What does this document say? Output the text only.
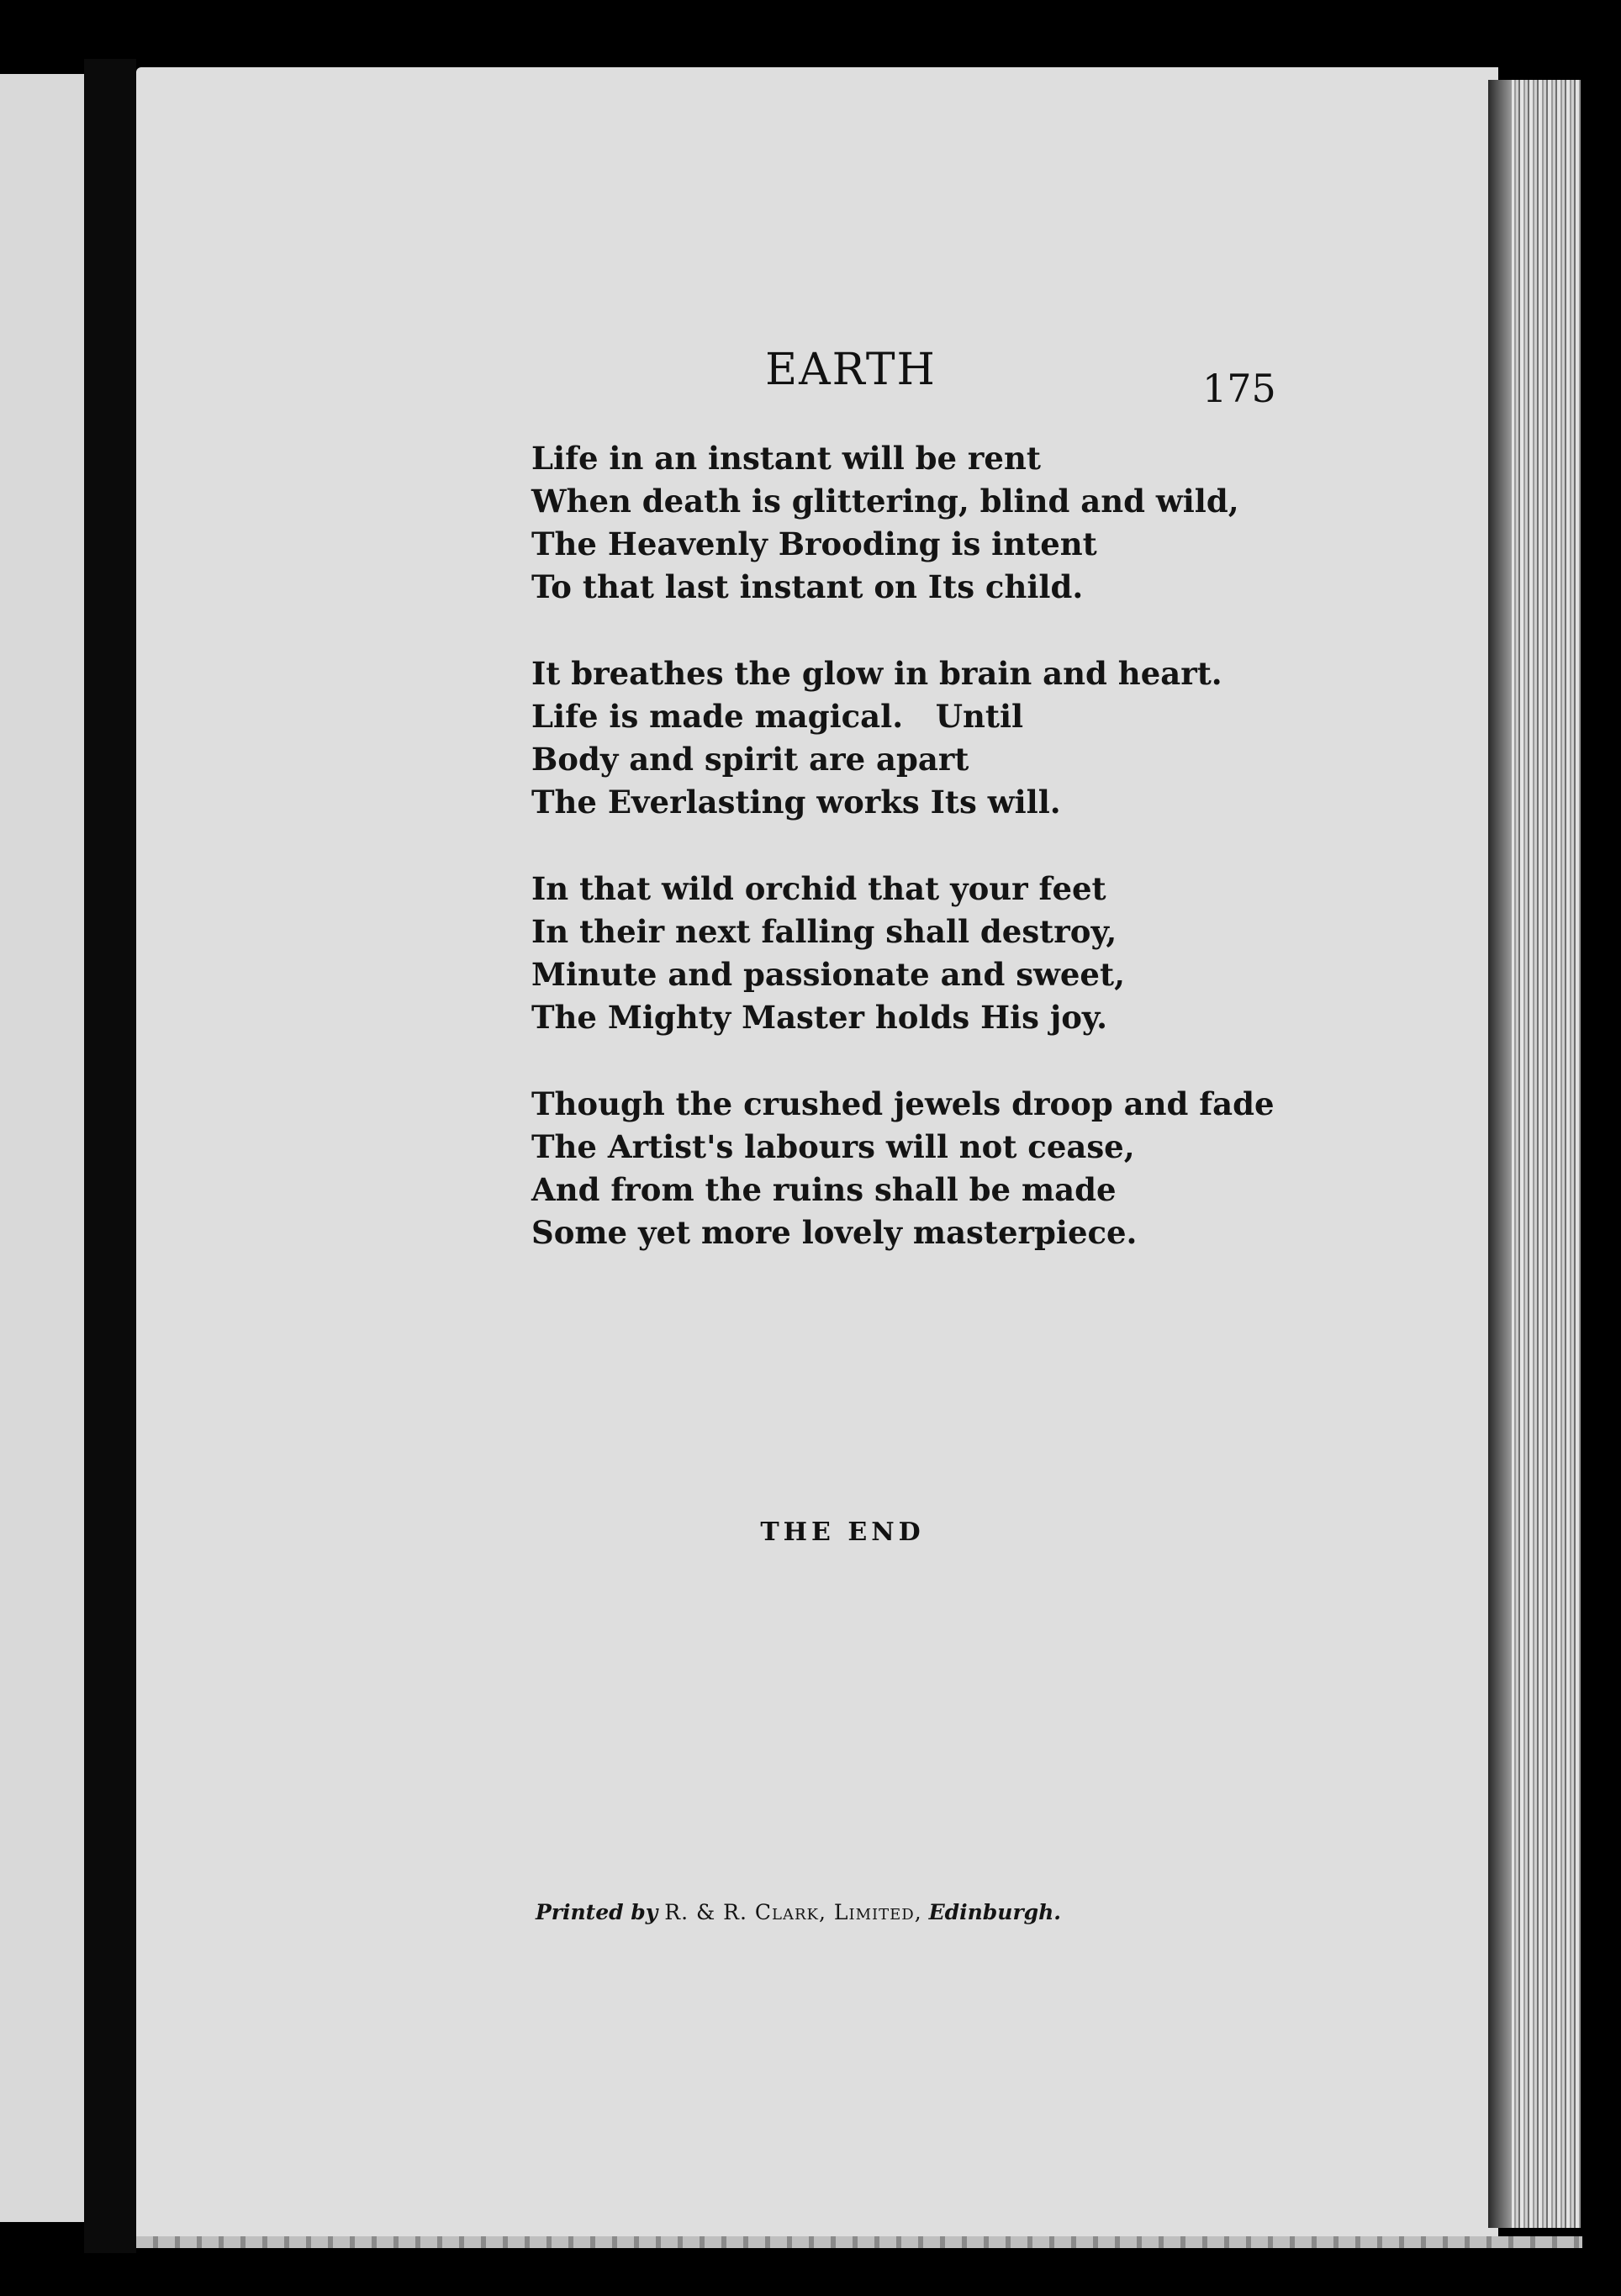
EARTH	175
Life in an instant will be rent
When death is glittering, blind and wild,
The Heavenly Brooding is intent
To that last instant on Its child.
It breathes the glow in brain and heart.
Life is made magical.   Until
Body and spirit are apart
The Everlasting works Its will.
In that wild orchid that your feet
In their next falling shall destroy,
Minute and passionate and sweet,
The Mighty Master holds His joy.
Though the crushed jewels droop and fade
The Artist's labours will not cease,
And from the ruins shall be made
Some yet more lovely masterpiece.
THE END
Printed by R. & R. Clark, Limited, Edinburgh.
